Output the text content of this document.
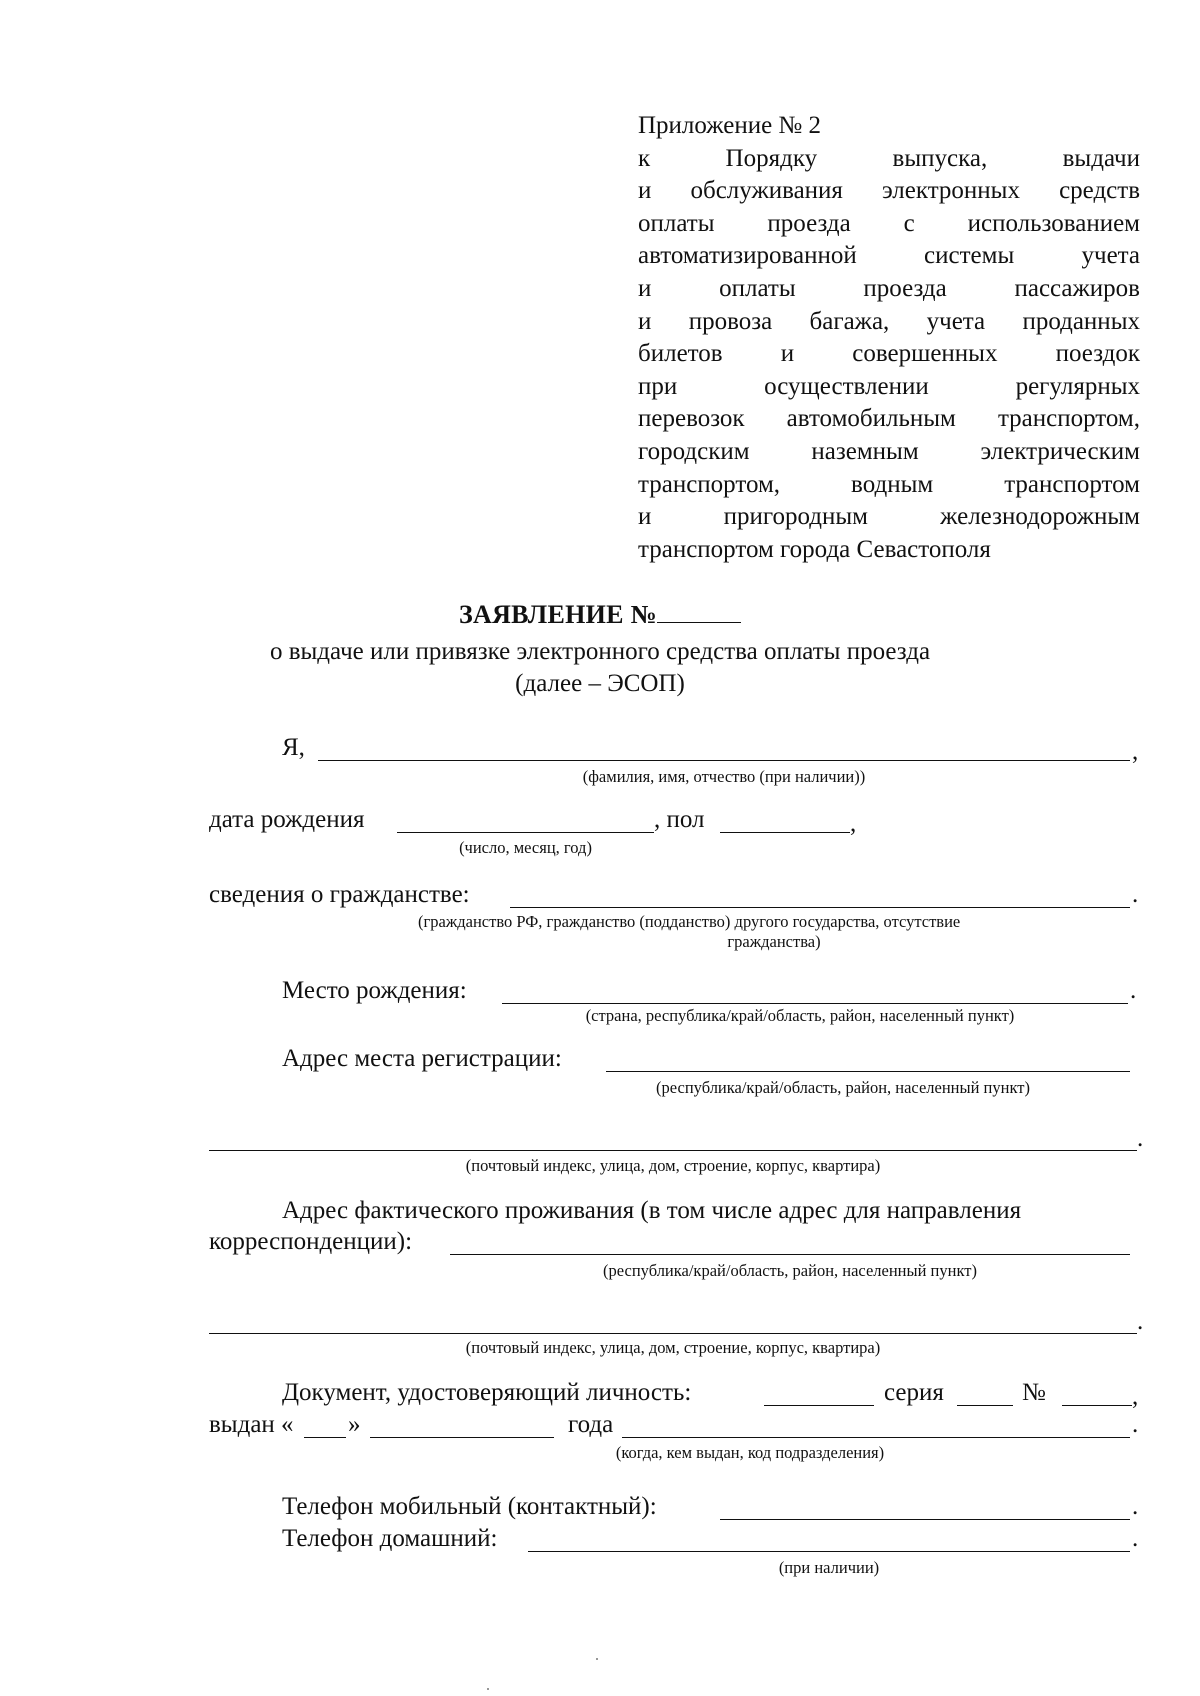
Приложение № 2
к Порядку выпуска, выдачи
и обслуживания электронных средств
оплаты проезда с использованием
автоматизированной системы учета
и оплаты проезда пассажиров
и провоза багажа, учета проданных
билетов и совершенных поездок
при осуществлении регулярных
перевозок автомобильным транспортом,
городским наземным электрическим
транспортом, водным транспортом
и пригородным железнодорожным
транспортом города Севастополя
ЗАЯВЛЕНИЕ №
о выдаче или привязке электронного средства оплаты проезда
(далее – ЭСОП)
Я,	,
(фамилия, имя, отчество (при наличии))
дата рождения	, пол	,
(число, месяц, год)
сведения о гражданстве:	.
(гражданство РФ, гражданство (подданство) другого государства, отсутствие
гражданства)
Место рождения:	.
(страна, республика/край/область, район, населенный пункт)
Адрес места регистрации:
(республика/край/область, район, населенный пункт)
.
(почтовый индекс, улица, дом, строение, корпус, квартира)
Адрес фактического проживания (в том числе адрес для направления
корреспонденции):
(республика/край/область, район, населенный пункт)
.
(почтовый индекс, улица, дом, строение, корпус, квартира)
Документ, удостоверяющий личность:	серия	№	,
выдан « »	года	.
(когда, кем выдан, код подразделения)
Телефон мобильный (контактный):	.
Телефон домашний:	.
(при наличии)
